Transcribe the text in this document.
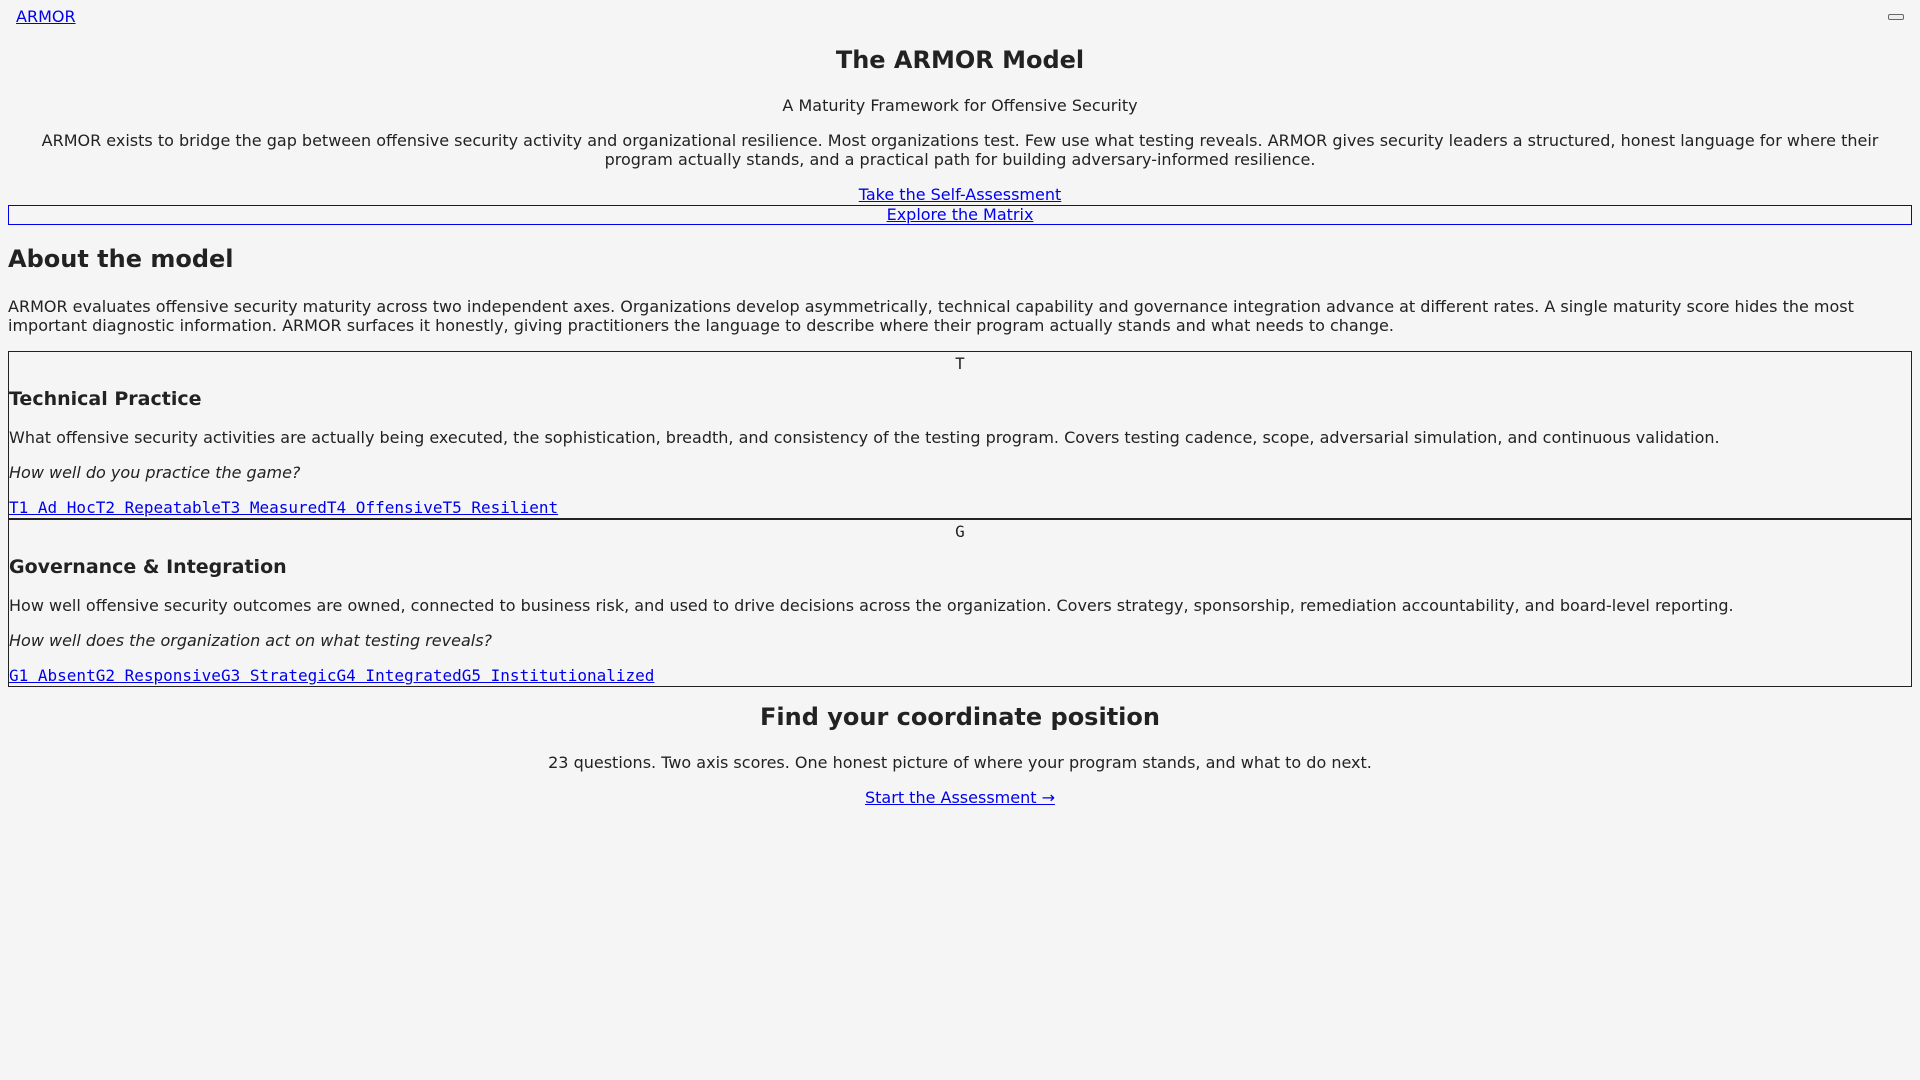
ARMOR
The ARMOR Model
A Maturity Framework for Offensive Security
ARMOR exists to bridge the gap between offensive security activity and organizational resilience. Most organizations test. Few use what testing reveals. ARMOR gives security leaders a structured, honest language for where their program actually stands, and a practical path for building adversary-informed resilience.
Take the Self-Assessment
Explore the Matrix
About the model
ARMOR evaluates offensive security maturity across two independent axes. Organizations develop asymmetrically, technical capability and governance integration advance at different rates. A single maturity score hides the most important diagnostic information. ARMOR surfaces it honestly, giving practitioners the language to describe where their program actually stands and what needs to change.
T
Technical Practice
What offensive security activities are actually being executed, the sophistication, breadth, and consistency of the testing program. Covers testing cadence, scope, adversarial simulation, and continuous validation.
How well do you practice the game?
T1 Ad HocT2 RepeatableT3 MeasuredT4 OffensiveT5 Resilient
G
Governance & Integration
How well offensive security outcomes are owned, connected to business risk, and used to drive decisions across the organization. Covers strategy, sponsorship, remediation accountability, and board-level reporting.
How well does the organization act on what testing reveals?
G1 AbsentG2 ResponsiveG3 StrategicG4 IntegratedG5 Institutionalized
Find your coordinate position
23 questions. Two axis scores. One honest picture of where your program stands, and what to do next.
Start the Assessment →
